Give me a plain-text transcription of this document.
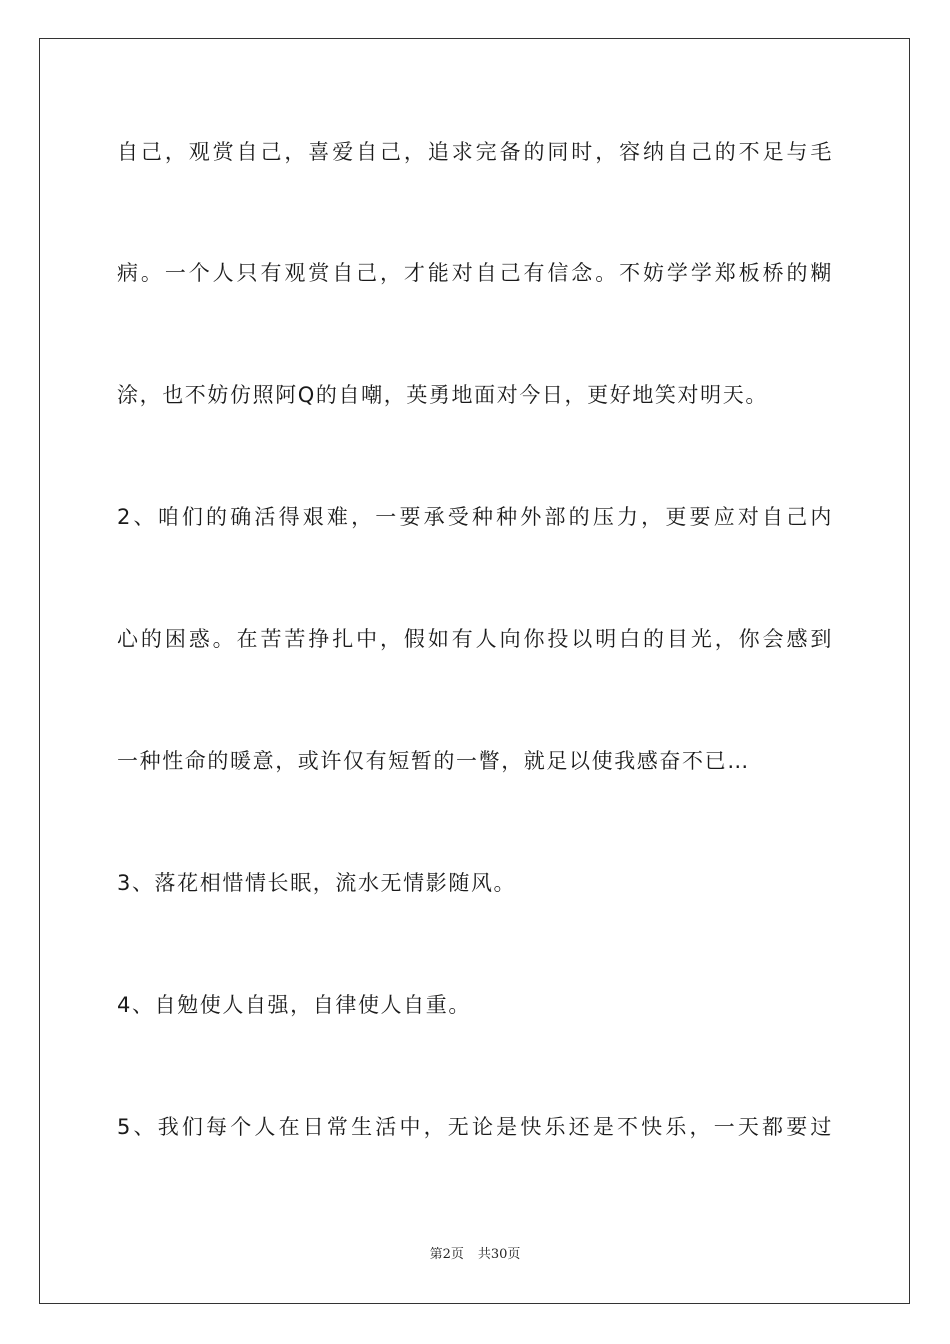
自己，观赏自己，喜爱自己，追求完备的同时，容纳自己的不足与毛
病。一个人只有观赏自己，才能对自己有信念。不妨学学郑板桥的糊
涂，也不妨仿照阿Q的自嘲，英勇地面对今日，更好地笑对明天。
2、咱们的确活得艰难，一要承受种种外部的压力，更要应对自己内
心的困惑。在苦苦挣扎中，假如有人向你投以明白的目光，你会感到
一种性命的暖意，或许仅有短暂的一瞥，就足以使我感奋不已…
3、落花相惜情长眠，流水无情影随风。
4、自勉使人自强，自律使人自重。
5、我们每个人在日常生活中，无论是快乐还是不快乐，一天都要过
第2页 共30页
